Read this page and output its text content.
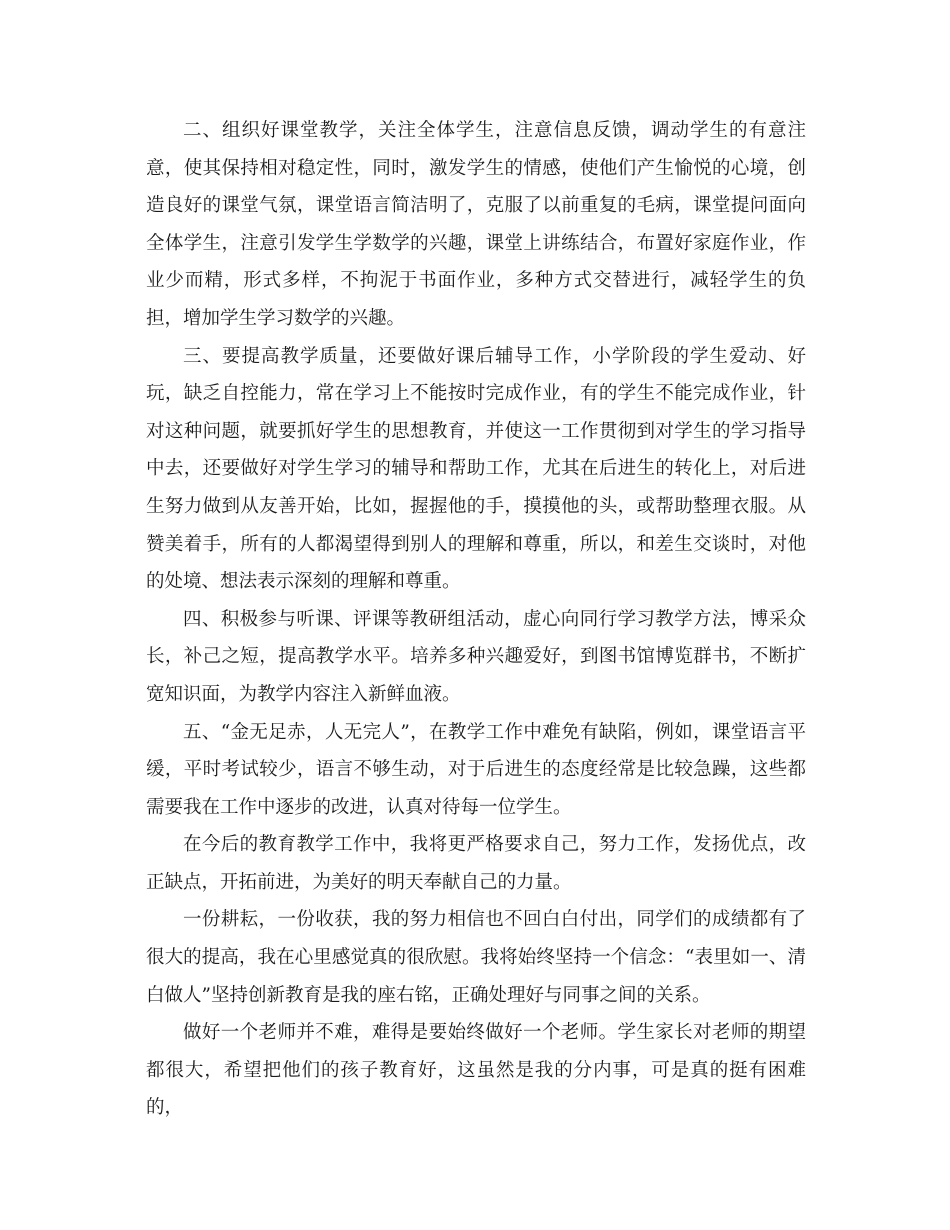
二、组织好课堂教学，关注全体学生，注意信息反馈，调动学生的有意注意，使其保持相对稳定性，同时，激发学生的情感，使他们产生愉悦的心境，创造良好的课堂气氛，课堂语言简洁明了，克服了以前重复的毛病，课堂提问面向全体学生，注意引发学生学数学的兴趣，课堂上讲练结合，布置好家庭作业，作业少而精，形式多样，不拘泥于书面作业，多种方式交替进行，减轻学生的负担，增加学生学习数学的兴趣。

三、要提高教学质量，还要做好课后辅导工作，小学阶段的学生爱动、好玩，缺乏自控能力，常在学习上不能按时完成作业，有的学生不能完成作业，针对这种问题，就要抓好学生的思想教育，并使这一工作贯彻到对学生的学习指导中去，还要做好对学生学习的辅导和帮助工作，尤其在后进生的转化上，对后进生努力做到从友善开始，比如，握握他的手，摸摸他的头，或帮助整理衣服。从赞美着手，所有的人都渴望得到别人的理解和尊重，所以，和差生交谈时，对他的处境、想法表示深刻的理解和尊重。

四、积极参与听课、评课等教研组活动，虚心向同行学习教学方法，博采众长，补己之短，提高教学水平。培养多种兴趣爱好，到图书馆博览群书，不断扩宽知识面，为教学内容注入新鲜血液。

五、“金无足赤，人无完人”，在教学工作中难免有缺陷，例如，课堂语言平缓，平时考试较少，语言不够生动，对于后进生的态度经常是比较急躁，这些都需要我在工作中逐步的改进，认真对待每一位学生。

在今后的教育教学工作中，我将更严格要求自己，努力工作，发扬优点，改正缺点，开拓前进，为美好的明天奉献自己的力量。

一份耕耘，一份收获，我的努力相信也不回白白付出，同学们的成绩都有了很大的提高，我在心里感觉真的很欣慰。我将始终坚持一个信念：“表里如一、清白做人”坚持创新教育是我的座右铭，正确处理好与同事之间的关系。

做好一个老师并不难，难得是要始终做好一个老师。学生家长对老师的期望都很大，希望把他们的孩子教育好，这虽然是我的分内事，可是真的挺有困难的，
